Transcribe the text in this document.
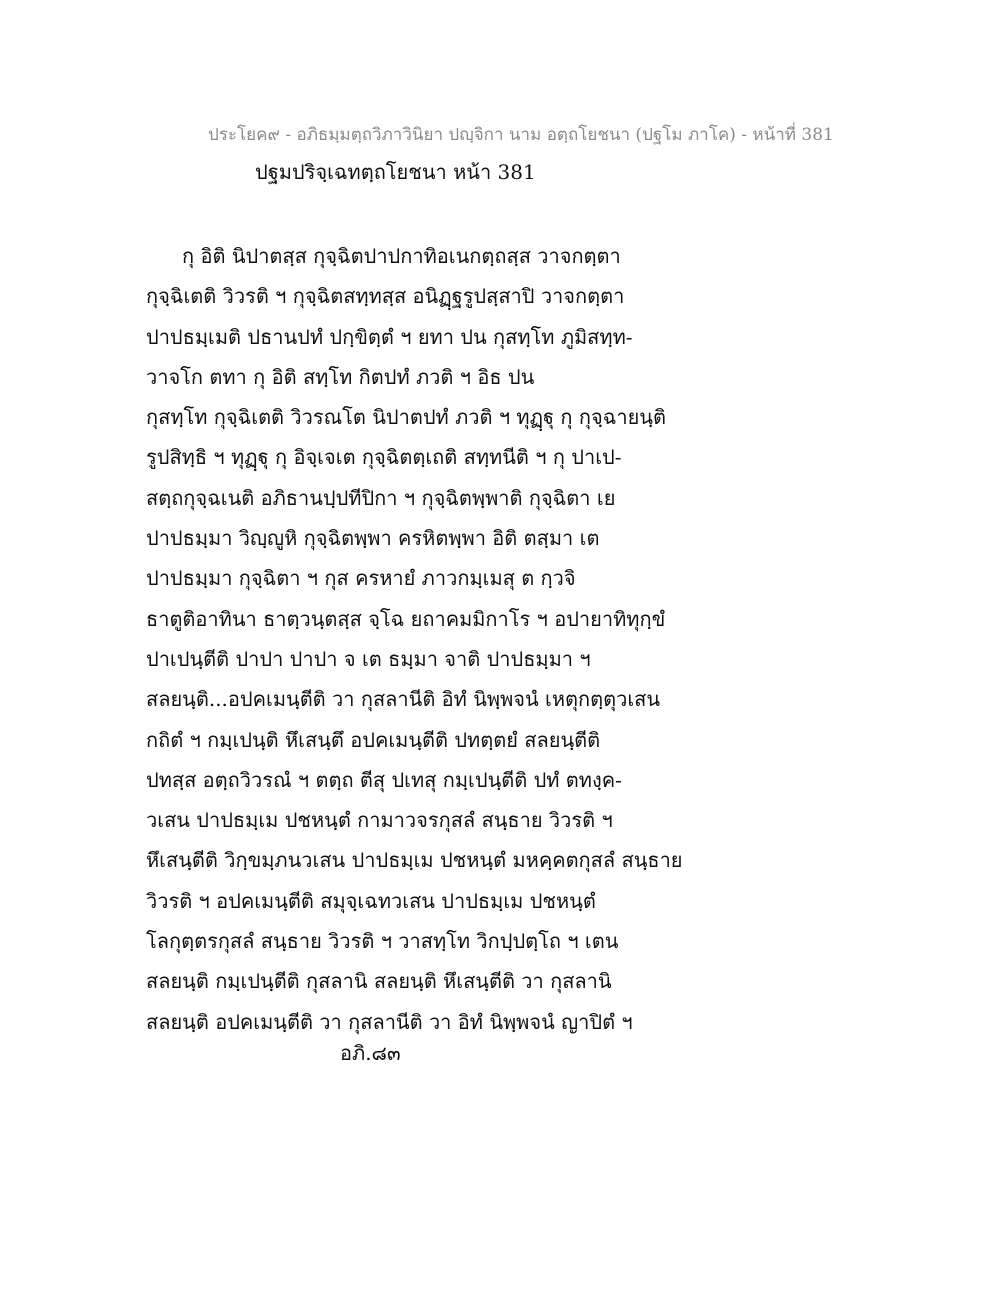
ประโยค๙ - อภิธมฺมตฺถวิภาวินิยา ปญฺจิกา นาม อตฺถโยชนา (ปฐโม ภาโค) - หน้าที่ 381
ปฐมปริจฺเฉทตฺถโยชนา หน้า 381
กุ อิติ นิปาตสฺส กุจฺฉิตปาปกาทิอเนกตฺถสฺส วาจกตฺตา
กุจฺฉิเตติ วิวรติ ฯ กุจฺฉิตสทฺทสฺส อนิฏฺฐรูปสฺสาปิ วาจกตฺตา
ปาปธมฺเมติ ปธานปทํ ปกฺขิตฺตํ ฯ ยทา ปน กุสทฺโท ภูมิสทฺท-
วาจโก ตทา กุ อิติ สทฺโท กิตปทํ ภวติ ฯ อิธ ปน
กุสทฺโท กุจฺฉิเตติ วิวรณโต นิปาตปทํ ภวติ ฯ ทุฏฺฐุ กุ กุจฺฉายนฺติ
รูปสิทฺธิ ฯ ทุฏฺฐุ กุ อิจฺเจเต กุจฺฉิตตฺเถติ สทฺทนีติ ฯ กุ ปาเป-
สตฺถกุจฺฉเนติ อภิธานปฺปทีปิกา ฯ กุจฺฉิตพฺพาติ กุจฺฉิตา เย
ปาปธมฺมา วิญฺญูหิ กุจฺฉิตพฺพา ครหิตพฺพา อิติ ตสฺมา เต
ปาปธมฺมา กุจฺฉิตา ฯ กุส ครหายํ ภาวกมฺเมสุ ต กฺวจิ
ธาตูติอาทินา ธาตฺวนฺตสฺส จฺโฉ ยถาคมมิกาโร ฯ อปายาทิทุกฺขํ
ปาเปนฺตีติ ปาปา ปาปา จ เต ธมฺมา จาติ ปาปธมฺมา ฯ
สลยนฺติ...อปคเมนฺตีติ วา กุสลานีติ อิทํ นิพฺพจนํ เหตุกตฺตุวเสน
กถิตํ ฯ กมฺเปนฺติ หึเสนฺตึ อปคเมนฺตีติ ปทตฺตยํ สลยนฺตีติ
ปทสฺส อตฺถวิวรณํ ฯ ตตฺถ ตีสุ ปเทสุ กมฺเปนฺตีติ ปทํ ตทงฺค-
วเสน ปาปธมฺเม ปชหนฺตํ กามาวจรกุสลํ สนฺธาย วิวรติ ฯ
หึเสนฺตีติ วิกฺขมฺภนวเสน ปาปธมฺเม ปชหนฺตํ มหคฺคตกุสลํ สนฺธาย
วิวรติ ฯ อปคเมนฺตีติ สมุจฺเฉทวเสน ปาปธมฺเม ปชหนฺตํ
โลกุตฺตรกุสลํ สนฺธาย วิวรติ ฯ วาสทฺโท วิกปฺปตฺโถ ฯ เตน
สลยนฺติ กมฺเปนฺตีติ กุสลานิ สลยนฺติ หึเสนฺตีติ วา กุสลานิ
สลยนฺติ อปคเมนฺตีติ วา กุสลานีติ วา อิทํ นิพฺพจนํ ญาปิตํ ฯ
อภิ.๘๓
